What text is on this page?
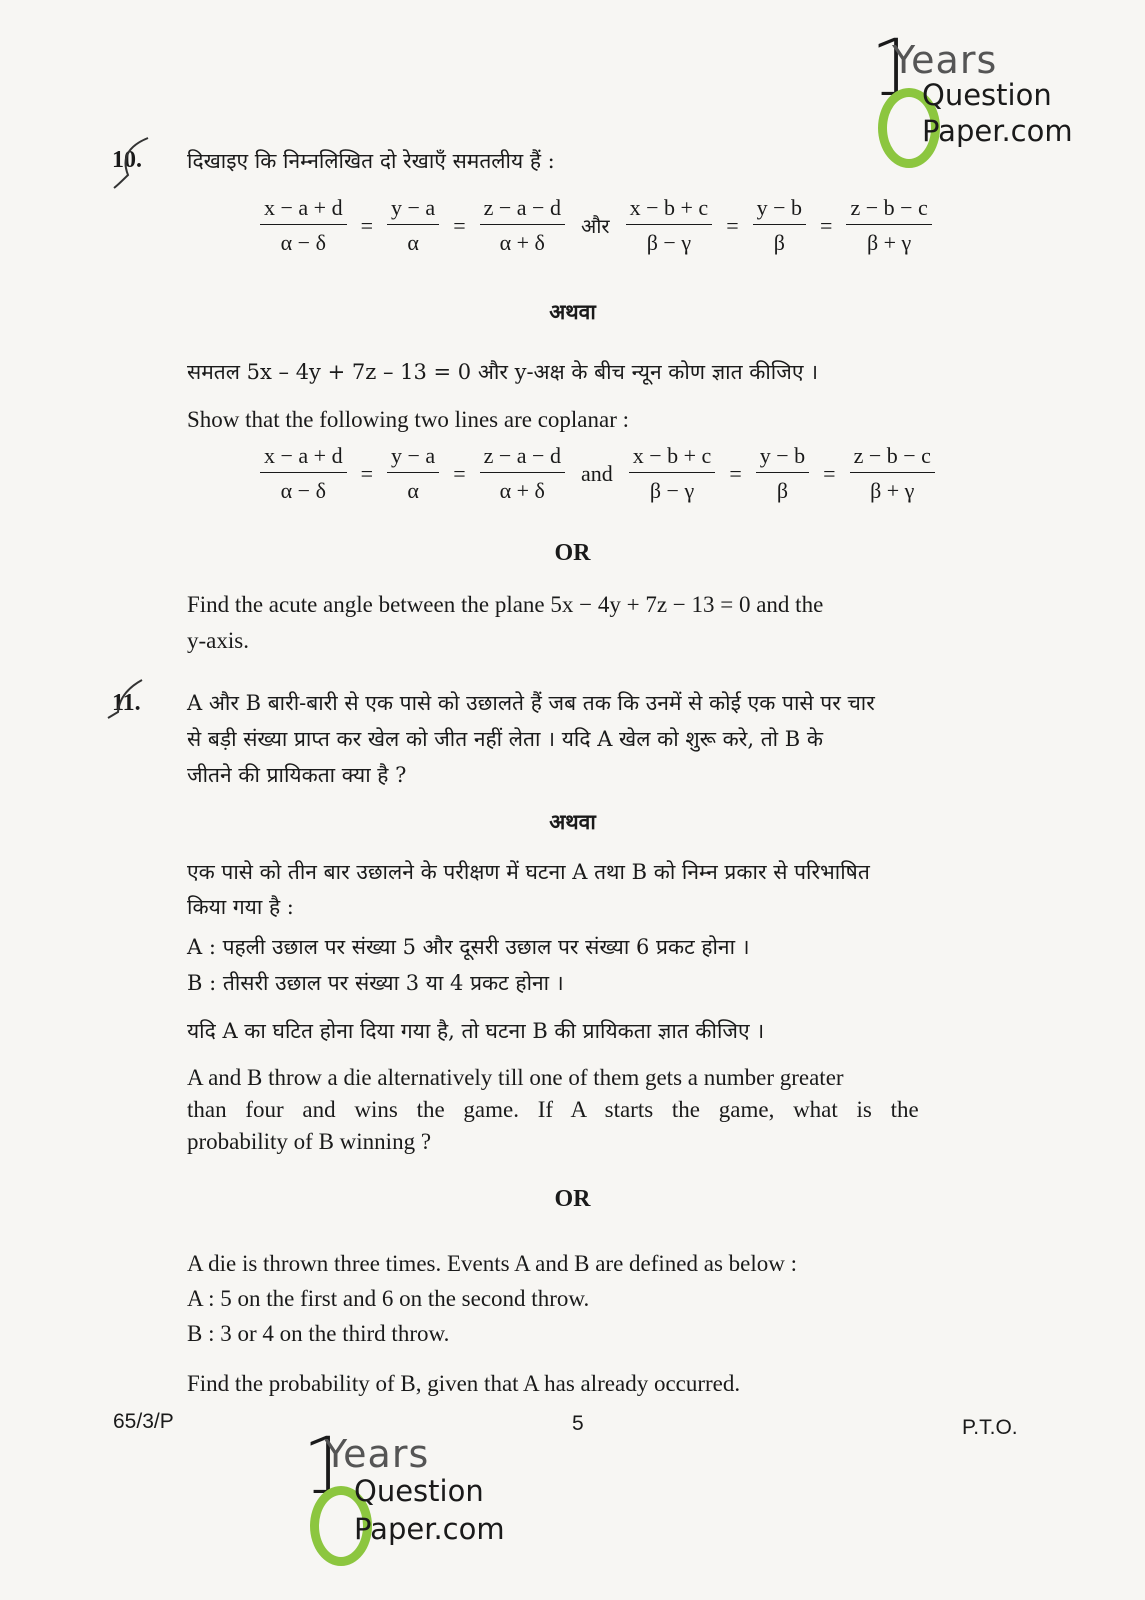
1
Years
Question
Paper.com
10. दिखाइए कि निम्नलिखित दो रेखाएँ समतलीय हैं :
$\frac{x - a + d}{\alpha - \delta} = \frac{y - a}{\alpha} = \frac{z - a - d}{\alpha + \delta}$ और $\frac{x - b + c}{\beta - \gamma} = \frac{y - b}{\beta} = \frac{z - b - c}{\beta + \gamma}$
अथवा
समतल 5x – 4y + 7z – 13 = 0 और y-अक्ष के बीच न्यून कोण ज्ञात कीजिए ।
Show that the following two lines are coplanar :
$\frac{x - a + d}{\alpha - \delta} = \frac{y - a}{\alpha} = \frac{z - a - d}{\alpha + \delta}$ and $\frac{x - b + c}{\beta - \gamma} = \frac{y - b}{\beta} = \frac{z - b - c}{\beta + \gamma}$
OR
Find the acute angle between the plane 5x − 4y + 7z − 13 = 0 and the
y-axis.
11. A और B बारी-बारी से एक पासे को उछालते हैं जब तक कि उनमें से कोई एक पासे पर चार
से बड़ी संख्या प्राप्त कर खेल को जीत नहीं लेता । यदि A खेल को शुरू करे, तो B के
जीतने की प्रायिकता क्या है ?
अथवा
एक पासे को तीन बार उछालने के परीक्षण में घटना A तथा B को निम्न प्रकार से परिभाषित
किया गया है :
A : पहली उछाल पर संख्या 5 और दूसरी उछाल पर संख्या 6 प्रकट होना ।
B : तीसरी उछाल पर संख्या 3 या 4 प्रकट होना ।
यदि A का घटित होना दिया गया है, तो घटना B की प्रायिकता ज्ञात कीजिए ।
A and B throw a die alternatively till one of them gets a number greater
than four and wins the game. If A starts the game, what is the
probability of B winning ?
OR
A die is thrown three times. Events A and B are defined as below :
A : 5 on the first and 6 on the second throw.
B : 3 or 4 on the third throw.
Find the probability of B, given that A has already occurred.
65/3/P	5	P.T.O.
1
Years
Question
Paper.com
